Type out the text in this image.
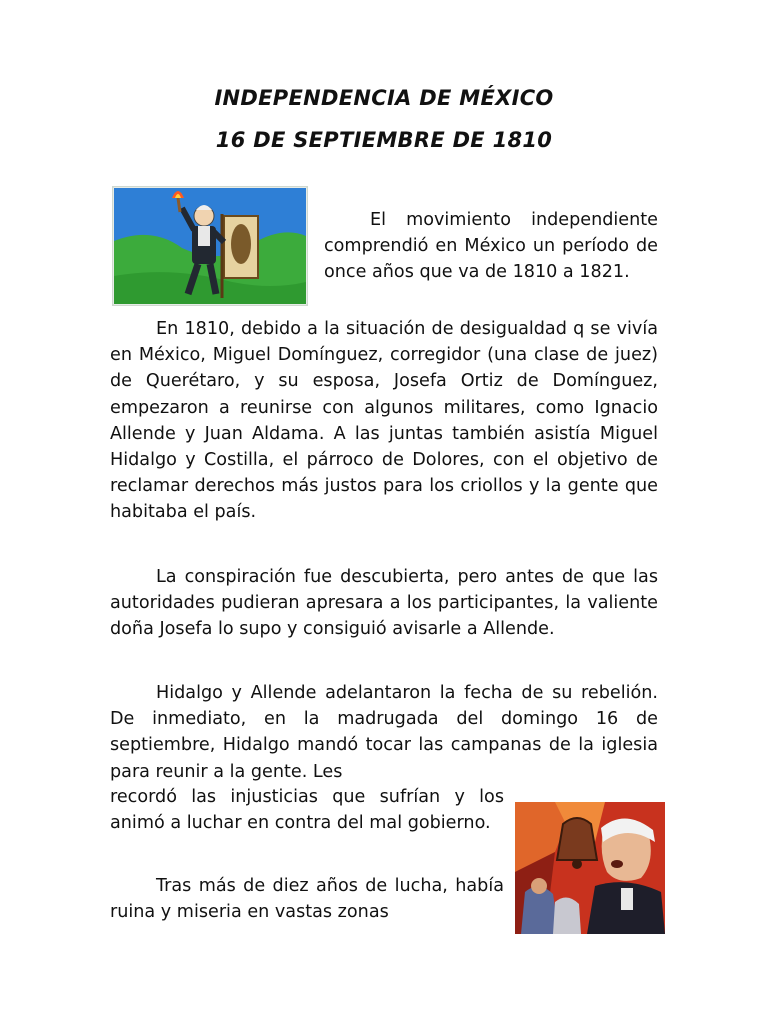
INDEPENDENCIA DE MÉXICO
16 DE SEPTIEMBRE DE 1810

El movimiento independiente comprendió en México un período de once años que va de 1810 a 1821.

En 1810, debido a la situación de desigualdad q se vivía en México, Miguel Domínguez, corregidor (una clase de juez) de Querétaro, y su esposa, Josefa Ortiz de Domínguez, empezaron a reunirse con algunos militares, como Ignacio Allende y Juan Aldama. A las juntas también asistía Miguel Hidalgo y Costilla, el párroco de Dolores, con el objetivo de reclamar derechos más justos para los criollos y la gente que habitaba el país.

La conspiración fue descubierta, pero antes de que las autoridades pudieran apresara a los participantes, la valiente doña Josefa lo supo y consiguió avisarle a Allende.

Hidalgo y Allende adelantaron la fecha de su rebelión. De inmediato, en la madrugada del domingo 16 de septiembre, Hidalgo mandó tocar las campanas de la iglesia para reunir a la gente. Les

recordó las injusticias que sufrían y los animó a luchar en contra del mal gobierno.

Tras más de diez años de lucha, había ruina y miseria en vastas zonas
